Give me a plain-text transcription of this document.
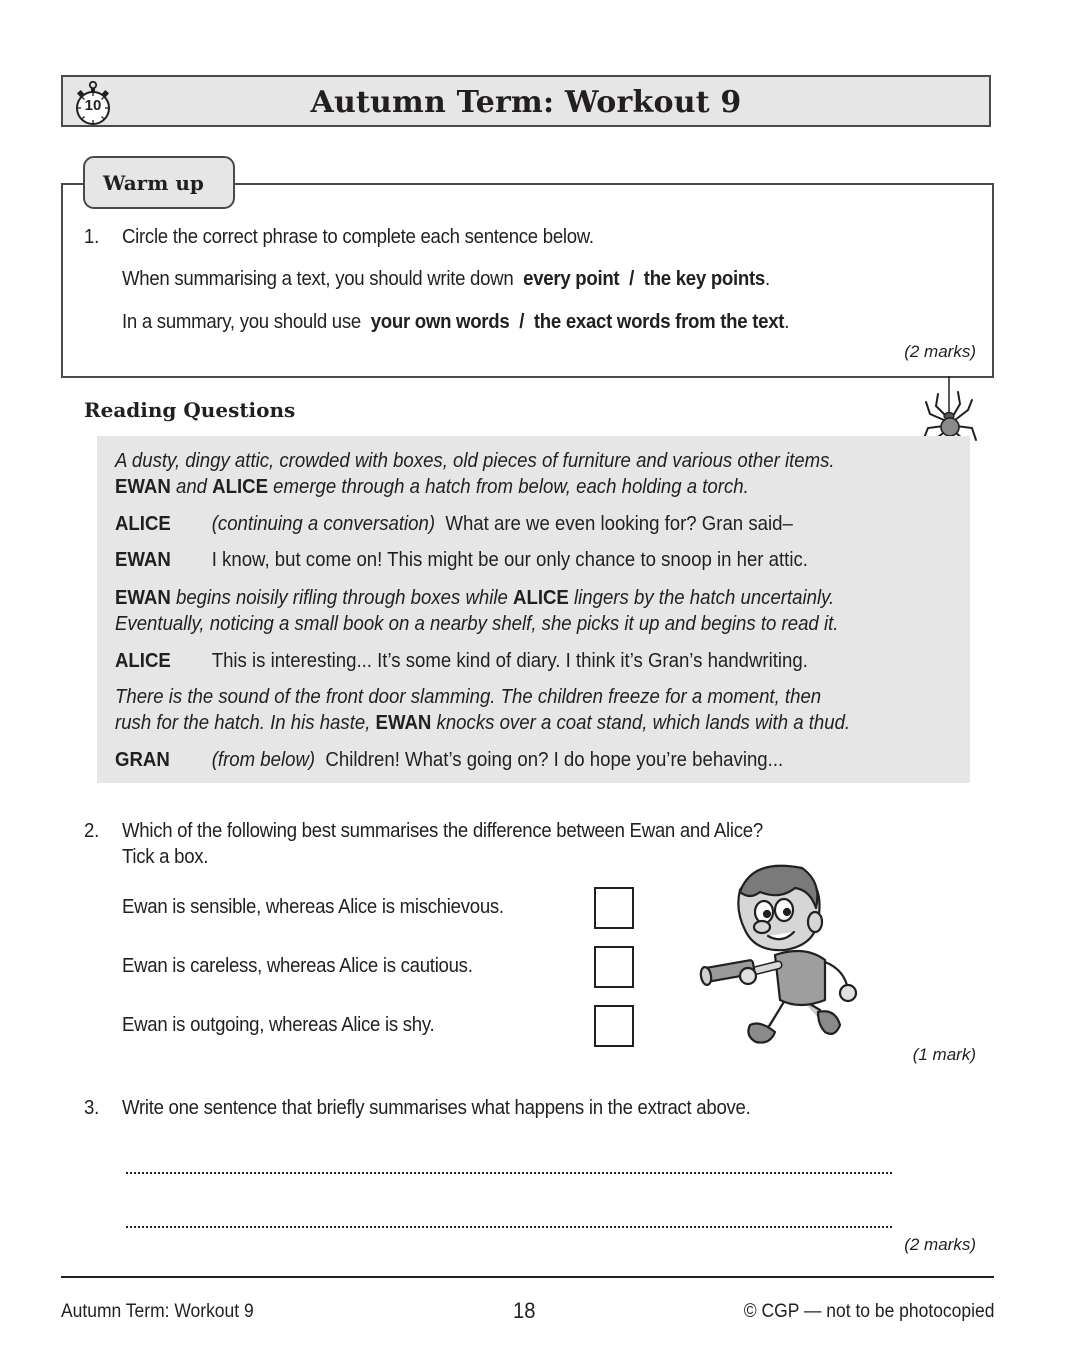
10	Autumn Term: Workout 9
Warm up
1. Circle the correct phrase to complete each sentence below.
When summarising a text, you should write down every point / the key points.
In a summary, you should use your own words / the exact words from the text.
(2 marks)
Reading Questions
A dusty, dingy attic, crowded with boxes, old pieces of furniture and various other items.
EWAN and ALICE emerge through a hatch from below, each holding a torch.
ALICE (continuing a conversation) What are we even looking for? Gran said–
EWAN I know, but come on! This might be our only chance to snoop in her attic.
EWAN begins noisily rifling through boxes while ALICE lingers by the hatch uncertainly.
Eventually, noticing a small book on a nearby shelf, she picks it up and begins to read it.
ALICE This is interesting... It’s some kind of diary. I think it’s Gran’s handwriting.
There is the sound of the front door slamming. The children freeze for a moment, then
rush for the hatch. In his haste, EWAN knocks over a coat stand, which lands with a thud.
GRAN (from below) Children! What’s going on? I do hope you’re behaving...
2. Which of the following best summarises the difference between Ewan and Alice?
Tick a box.
Ewan is sensible, whereas Alice is mischievous.
Ewan is careless, whereas Alice is cautious.
Ewan is outgoing, whereas Alice is shy.
(1 mark)
3. Write one sentence that briefly summarises what happens in the extract above.
(2 marks)
Autumn Term: Workout 9	18	© CGP — not to be photocopied
